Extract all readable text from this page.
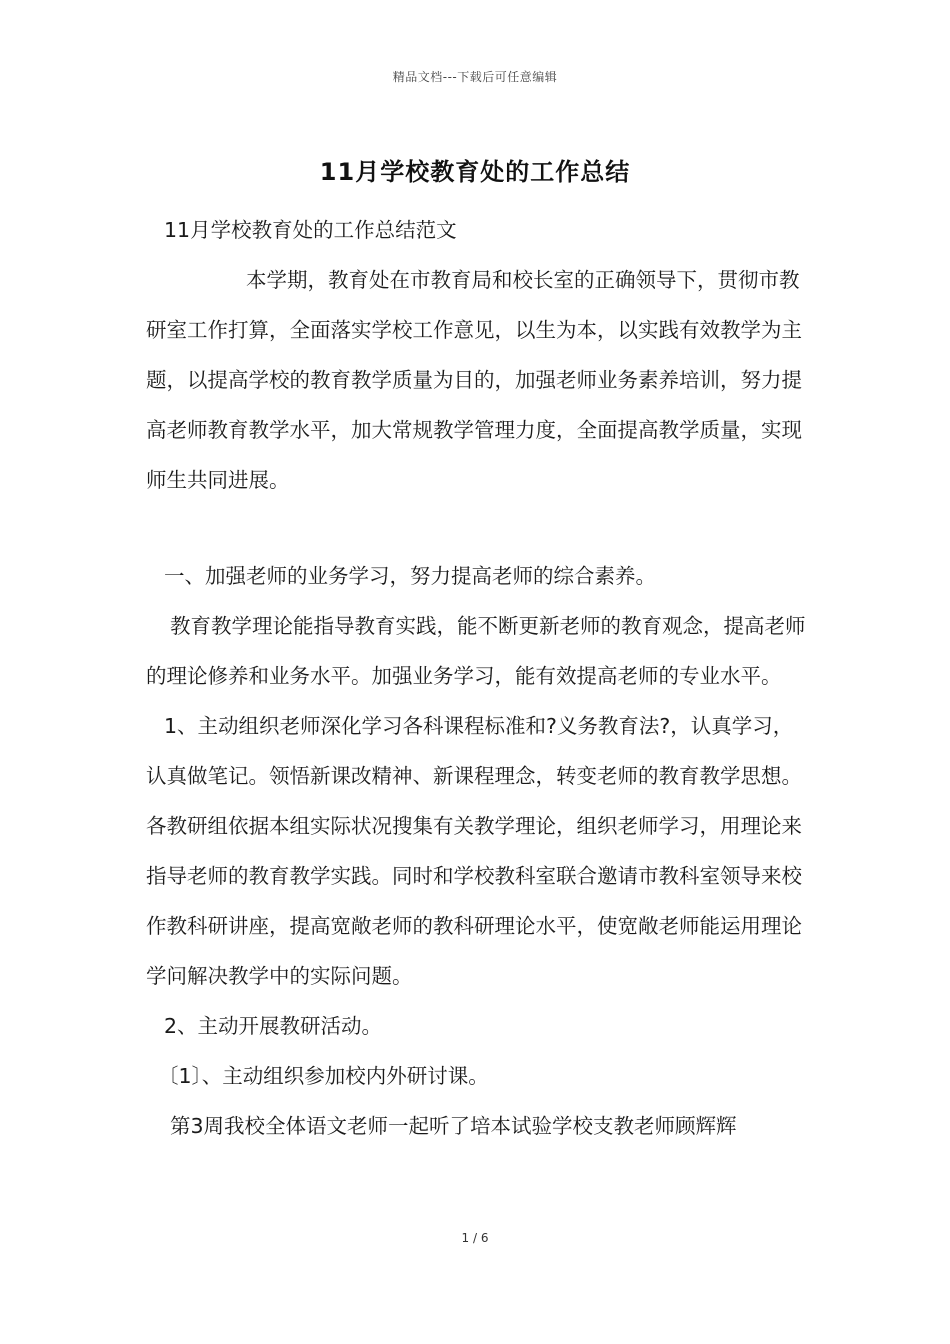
精品文档---下载后可任意编辑
11月学校教育处的工作总结

11月学校教育处的工作总结范文

本学期，教育处在市教育局和校长室的正确领导下，贯彻市教研室工作打算，全面落实学校工作意见，以生为本，以实践有效教学为主题，以提高学校的教育教学质量为目的，加强老师业务素养培训，努力提高老师教育教学水平，加大常规教学管理力度，全面提高教学质量，实现师生共同进展。

一、加强老师的业务学习，努力提高老师的综合素养。

教育教学理论能指导教育实践，能不断更新老师的教育观念，提高老师的理论修养和业务水平。加强业务学习，能有效提高老师的专业水平。

1、主动组织老师深化学习各科课程标准和?义务教育法?，认真学习，认真做笔记。领悟新课改精神、新课程理念，转变老师的教育教学思想。各教研组依据本组实际状况搜集有关教学理论，组织老师学习，用理论来指导老师的教育教学实践。同时和学校教科室联合邀请市教科室领导来校作教科研讲座，提高宽敞老师的教科研理论水平，使宽敞老师能运用理论学问解决教学中的实际问题。

2、主动开展教研活动。

〔1〕、主动组织参加校内外研讨课。

第3周我校全体语文老师一起听了培本试验学校支教老师顾辉辉

1 / 6
